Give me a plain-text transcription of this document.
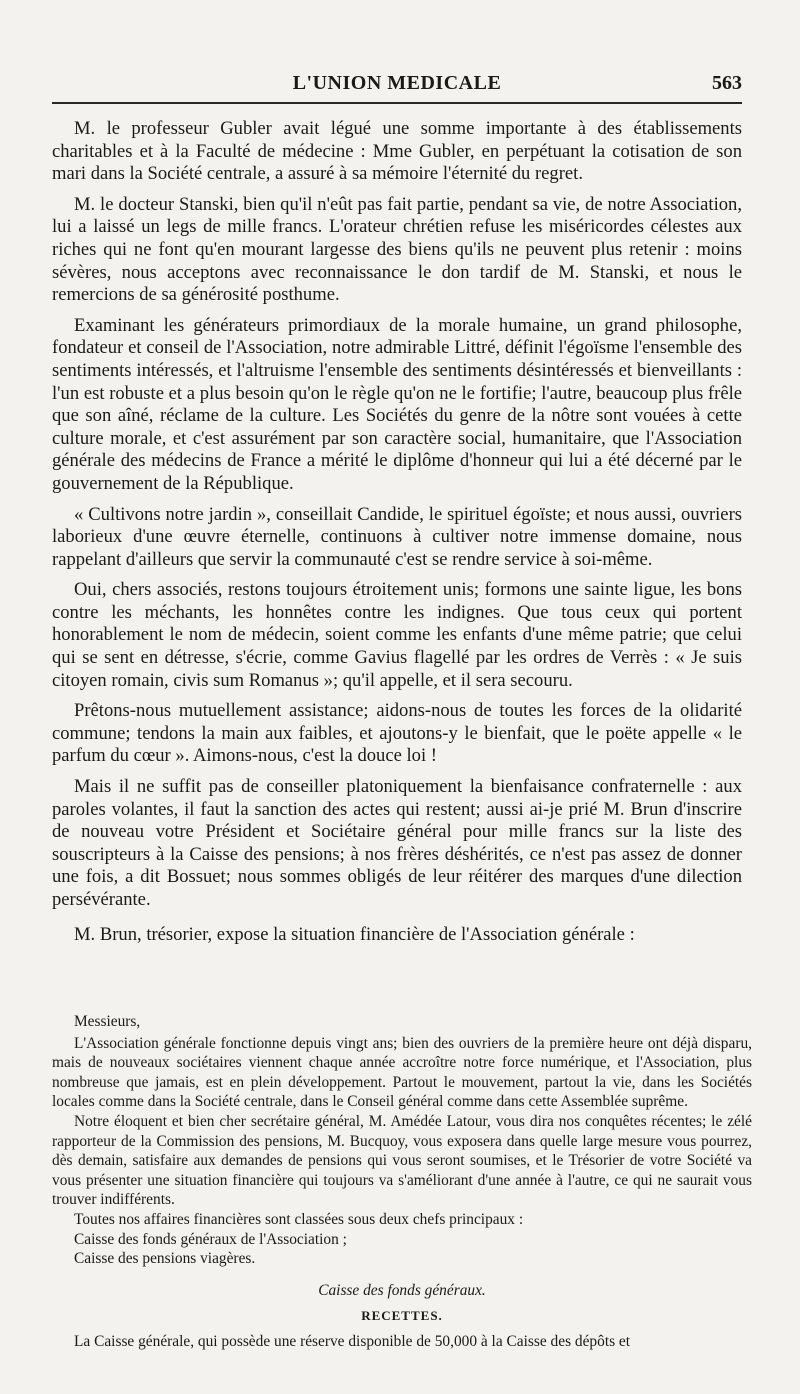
L'UNION MEDICALE	563

M. le professeur Gubler avait légué une somme importante à des établissements charitables et à la Faculté de médecine : Mme Gubler, en perpétuant la cotisation de son mari dans la Société centrale, a assuré à sa mémoire l'éternité du regret.

M. le docteur Stanski, bien qu'il n'eût pas fait partie, pendant sa vie, de notre Association, lui a laissé un legs de mille francs. L'orateur chrétien refuse les miséricordes célestes aux riches qui ne font qu'en mourant largesse des biens qu'ils ne peuvent plus retenir : moins sévères, nous acceptons avec reconnaissance le don tardif de M. Stanski, et nous le remercions de sa générosité posthume.

Examinant les générateurs primordiaux de la morale humaine, un grand philosophe, fondateur et conseil de l'Association, notre admirable Littré, définit l'égoïsme l'ensemble des sentiments intéressés, et l'altruisme l'ensemble des sentiments désintéressés et bienveillants : l'un est robuste et a plus besoin qu'on le règle qu'on ne le fortifie; l'autre, beaucoup plus frêle que son aîné, réclame de la culture. Les Sociétés du genre de la nôtre sont vouées à cette culture morale, et c'est assurément par son caractère social, humanitaire, que l'Association générale des médecins de France a mérité le diplôme d'honneur qui lui a été décerné par le gouvernement de la République.

« Cultivons notre jardin », conseillait Candide, le spirituel égoïste; et nous aussi, ouvriers laborieux d'une œuvre éternelle, continuons à cultiver notre immense domaine, nous rappelant d'ailleurs que servir la communauté c'est se rendre service à soi-même.

Oui, chers associés, restons toujours étroitement unis; formons une sainte ligue, les bons contre les méchants, les honnêtes contre les indignes. Que tous ceux qui portent honorablement le nom de médecin, soient comme les enfants d'une même patrie; que celui qui se sent en détresse, s'écrie, comme Gavius flagellé par les ordres de Verrès : « Je suis citoyen romain, civis sum Romanus »; qu'il appelle, et il sera secouru.

Prêtons-nous mutuellement assistance; aidons-nous de toutes les forces de la olidarité commune; tendons la main aux faibles, et ajoutons-y le bienfait, que le poëte appelle « le parfum du cœur ». Aimons-nous, c'est la douce loi !

Mais il ne suffit pas de conseiller platoniquement la bienfaisance confraternelle : aux paroles volantes, il faut la sanction des actes qui restent; aussi ai-je prié M. Brun d'inscrire de nouveau votre Président et Sociétaire général pour mille francs sur la liste des souscripteurs à la Caisse des pensions; à nos frères déshérités, ce n'est pas assez de donner une fois, a dit Bossuet; nous sommes obligés de leur réitérer des marques d'une dilection persévérante.

M. Brun, trésorier, expose la situation financière de l'Association générale :

Messieurs,

L'Association générale fonctionne depuis vingt ans; bien des ouvriers de la première heure ont déjà disparu, mais de nouveaux sociétaires viennent chaque année accroître notre force numérique, et l'Association, plus nombreuse que jamais, est en plein développement. Partout le mouvement, partout la vie, dans les Sociétés locales comme dans la Société centrale, dans le Conseil général comme dans cette Assemblée suprême.

Notre éloquent et bien cher secrétaire général, M. Amédée Latour, vous dira nos conquêtes récentes; le zélé rapporteur de la Commission des pensions, M. Bucquoy, vous exposera dans quelle large mesure vous pourrez, dès demain, satisfaire aux demandes de pensions qui vous seront soumises, et le Trésorier de votre Société va vous présenter une situation financière qui toujours va s'améliorant d'une année à l'autre, ce qui ne saurait vous trouver indifférents.

Toutes nos affaires financières sont classées sous deux chefs principaux :

Caisse des fonds généraux de l'Association ;

Caisse des pensions viagères.

Caisse des fonds généraux.
RECETTES.

La Caisse générale, qui possède une réserve disponible de 50,000 à la Caisse des dépôts et
